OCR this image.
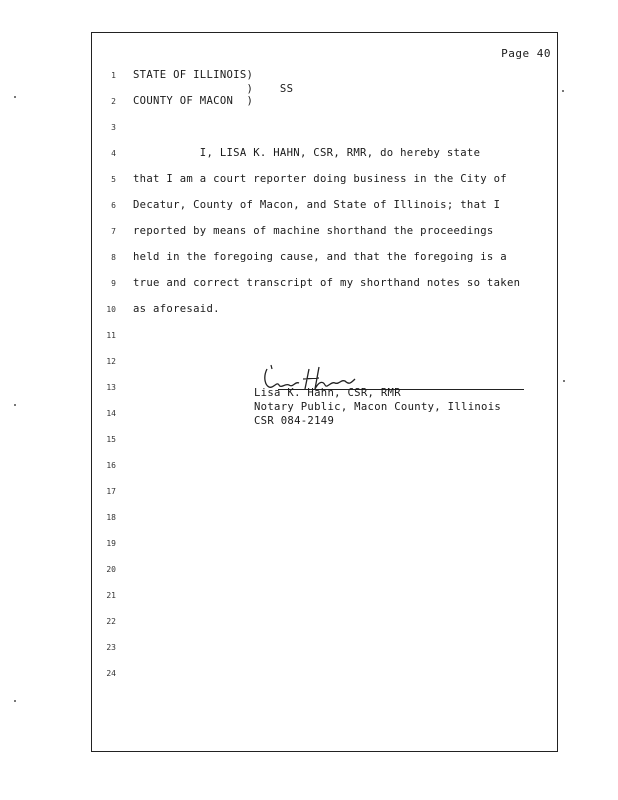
Page 40
1 STATE OF ILLINOIS)
)    SS
2 COUNTY OF MACON  )
3
4 I, LISA K. HAHN, CSR, RMR, do hereby state
5 that I am a court reporter doing business in the City of
6 Decatur, County of Macon, and State of Illinois; that I
7 reported by means of machine shorthand the proceedings
8 held in the foregoing cause, and that the foregoing is a
9 true and correct transcript of my shorthand notes so taken
10 as aforesaid.
11
12
13
14
15
16
17
18
19
20
21
22
23
24
Lisa K. Hahn, CSR, RMR
Notary Public, Macon County, Illinois
CSR 084-2149
